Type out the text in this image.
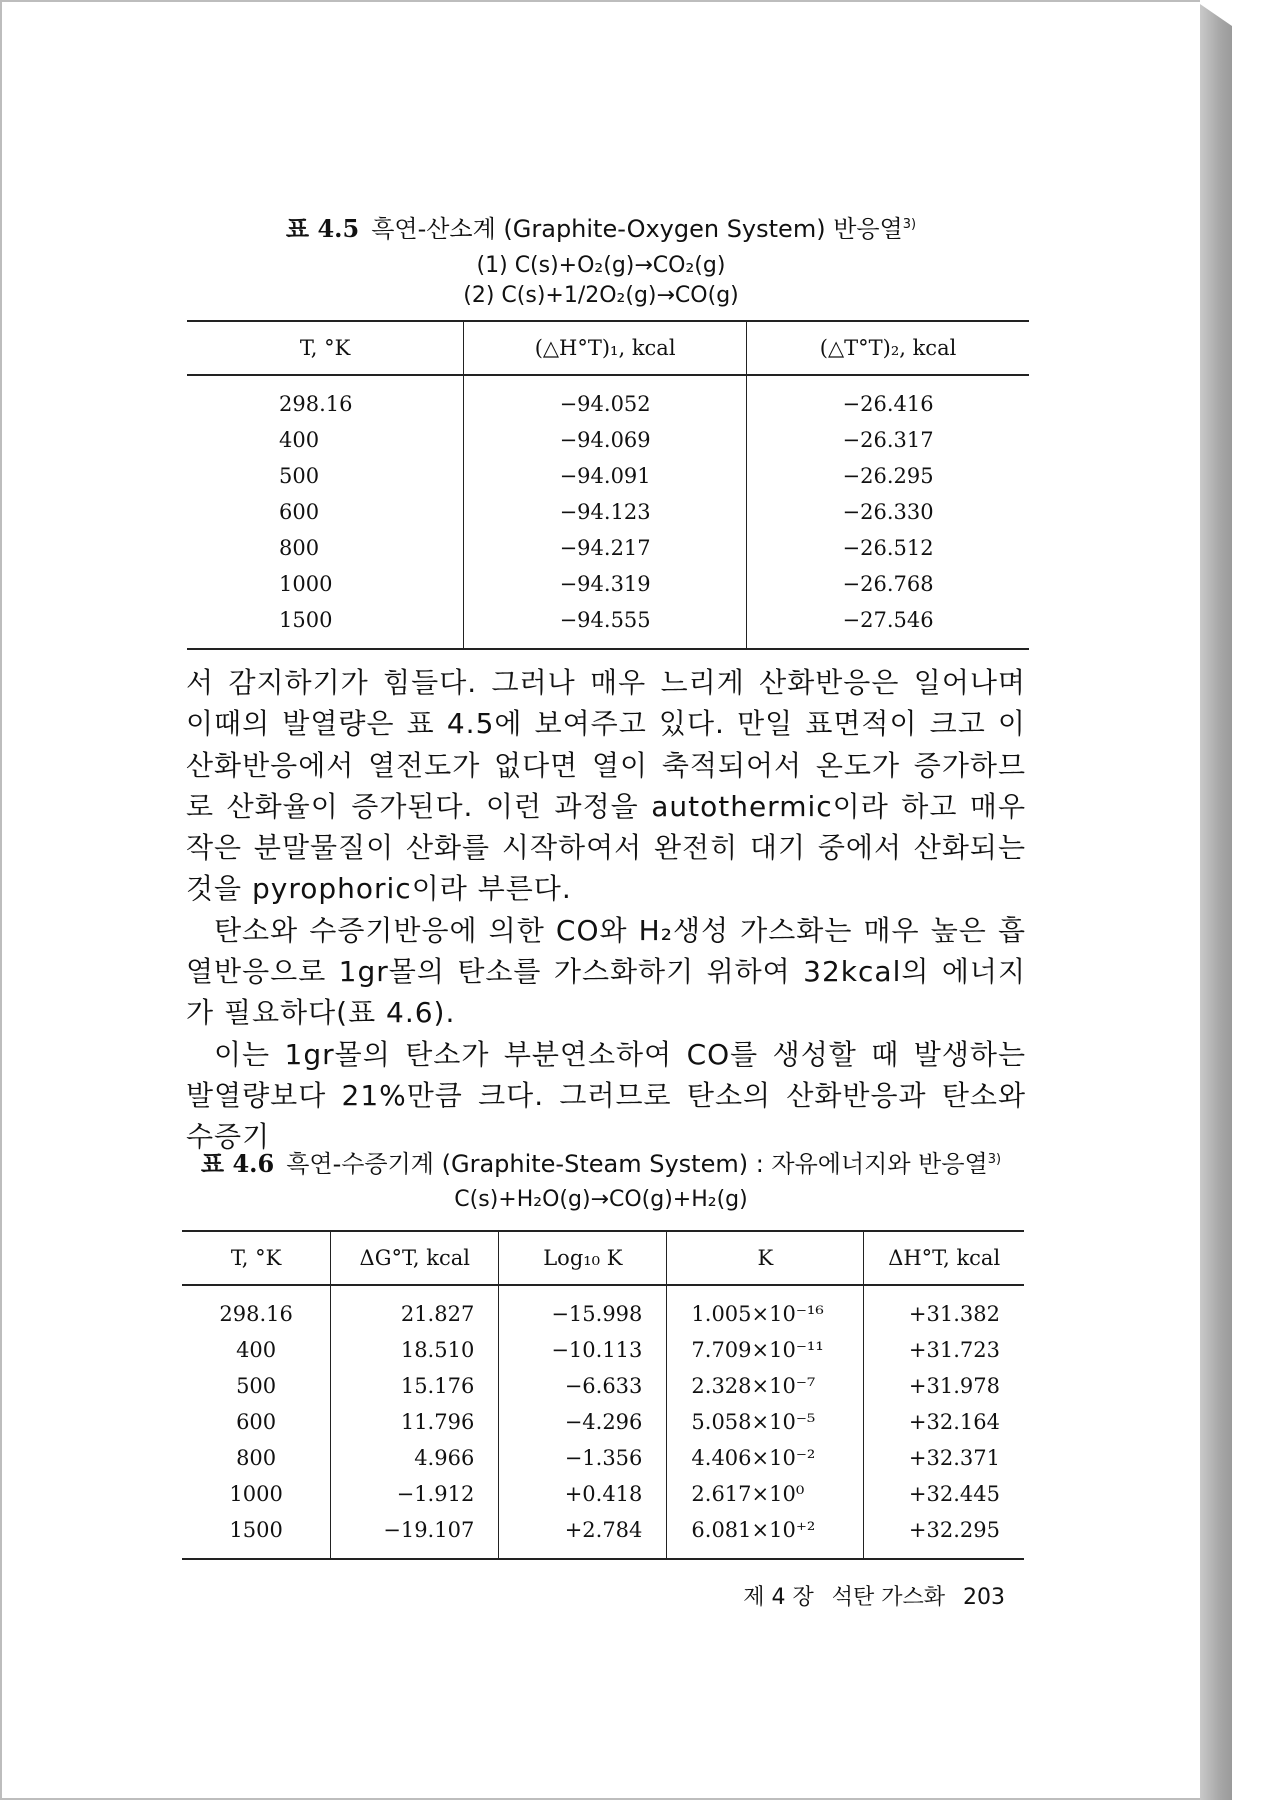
표 4.5 흑연-산소계 (Graphite-Oxygen System) 반응열$^{3)}$
(1) C(s)+O₂(g)→CO₂(g)
(2) C(s)+1/2O₂(g)→CO(g)
T, °K	(△H°T)₁, kcal	(△T°T)₂, kcal
298.16	−94.052	−26.416
400	−94.069	−26.317
500	−94.091	−26.295
600	−94.123	−26.330
800	−94.217	−26.512
1000	−94.319	−26.768
1500	−94.555	−27.546

서 감지하기가 힘들다. 그러나 매우 느리게 산화반응은 일어나며 이때의 발열량은 표 4.5에 보여주고 있다. 만일 표면적이 크고 이 산화반응에서 열전도가 없다면 열이 축적되어서 온도가 증가하므로 산화율이 증가된다. 이런 과정을 autothermic이라 하고 매우 작은 분말물질이 산화를 시작하여서 완전히 대기 중에서 산화되는 것을 pyrophoric이라 부른다.

탄소와 수증기반응에 의한 CO와 H₂생성 가스화는 매우 높은 흡열반응으로 1gr몰의 탄소를 가스화하기 위하여 32kcal의 에너지가 필요하다(표 4.6).

이는 1gr몰의 탄소가 부분연소하여 CO를 생성할 때 발생하는 발열량보다 21%만큼 크다. 그러므로 탄소의 산화반응과 탄소와 수증기

표 4.6 흑연-수증기계 (Graphite-Steam System) : 자유에너지와 반응열$^{3)}$
C(s)+H₂O(g)→CO(g)+H₂(g)
T, °K	ΔG°T, kcal	Log₁₀ K	K	ΔH°T, kcal
298.16	21.827	−15.998	1.005×10⁻¹⁶	+31.382
400	18.510	−10.113	7.709×10⁻¹¹	+31.723
500	15.176	−6.633	2.328×10⁻⁷	+31.978
600	11.796	−4.296	5.058×10⁻⁵	+32.164
800	4.966	−1.356	4.406×10⁻²	+32.371
1000	−1.912	+0.418	2.617×10⁰	+32.445
1500	−19.107	+2.784	6.081×10⁺²	+32.295
제 4 장 석탄 가스화 203
